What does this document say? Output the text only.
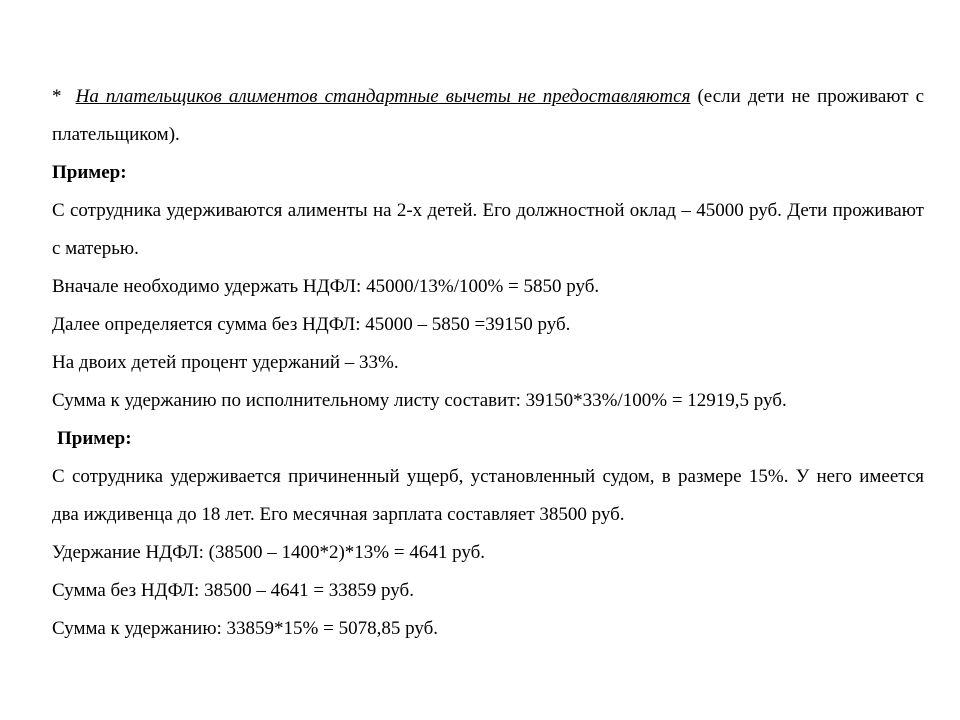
* На плательщиков алиментов стандартные вычеты не предоставляются (если дети не проживают с плательщиком).

Пример:

С сотрудника удерживаются алименты на 2-х детей. Его должностной оклад – 45000 руб. Дети проживают с матерью.

Вначале необходимо удержать НДФЛ: 45000/13%/100% = 5850 руб.

Далее определяется сумма без НДФЛ: 45000 – 5850 =39150 руб.

На двоих детей процент удержаний – 33%.

Сумма к удержанию по исполнительному листу составит: 39150*33%/100% = 12919,5 руб.

Пример:

С сотрудника удерживается причиненный ущерб, установленный судом, в размере 15%. У него имеется два иждивенца до 18 лет. Его месячная зарплата составляет 38500 руб.

Удержание НДФЛ: (38500 – 1400*2)*13% = 4641 руб.

Сумма без НДФЛ: 38500 – 4641 = 33859 руб.

Сумма к удержанию: 33859*15% = 5078,85 руб.
